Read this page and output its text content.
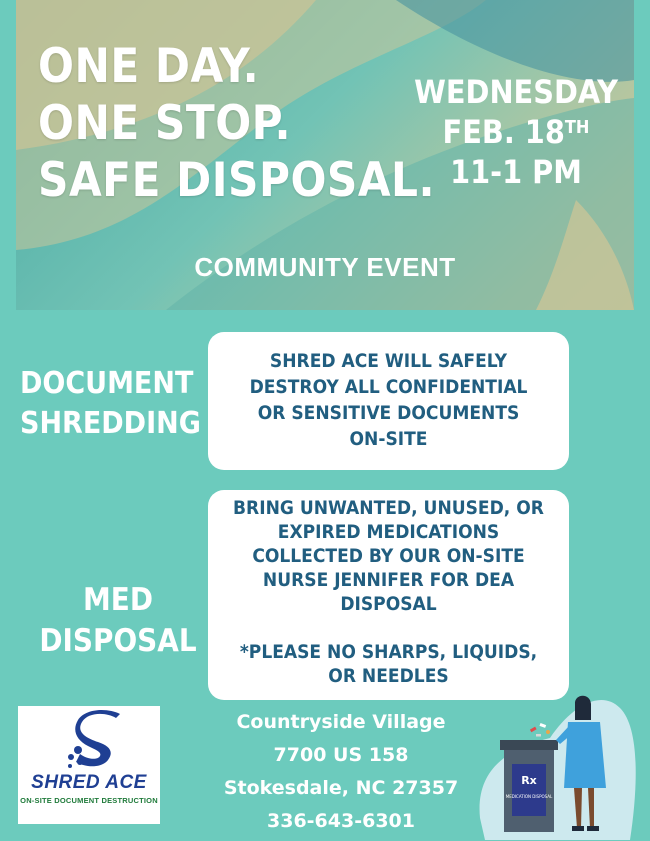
ONE DAY.
ONE STOP.
SAFE DISPOSAL.
WEDNESDAY
FEB. 18TH
11-1 PM
COMMUNITY EVENT
DOCUMENT
SHREDDING
SHRED ACE WILL SAFELY
DESTROY ALL CONFIDENTIAL
OR SENSITIVE DOCUMENTS
ON-SITE
MED
DISPOSAL
BRING UNWANTED, UNUSED, OR
EXPIRED MEDICATIONS
COLLECTED BY OUR ON-SITE
NURSE JENNIFER FOR DEA
DISPOSAL
*PLEASE NO SHARPS, LIQUIDS,
OR NEEDLES
SHRED ACE
ON-SITE DOCUMENT DESTRUCTION
Countryside Village
7700 US 158
Stokesdale, NC 27357
336-643-6301
Rx
MEDICATION DISPOSAL
